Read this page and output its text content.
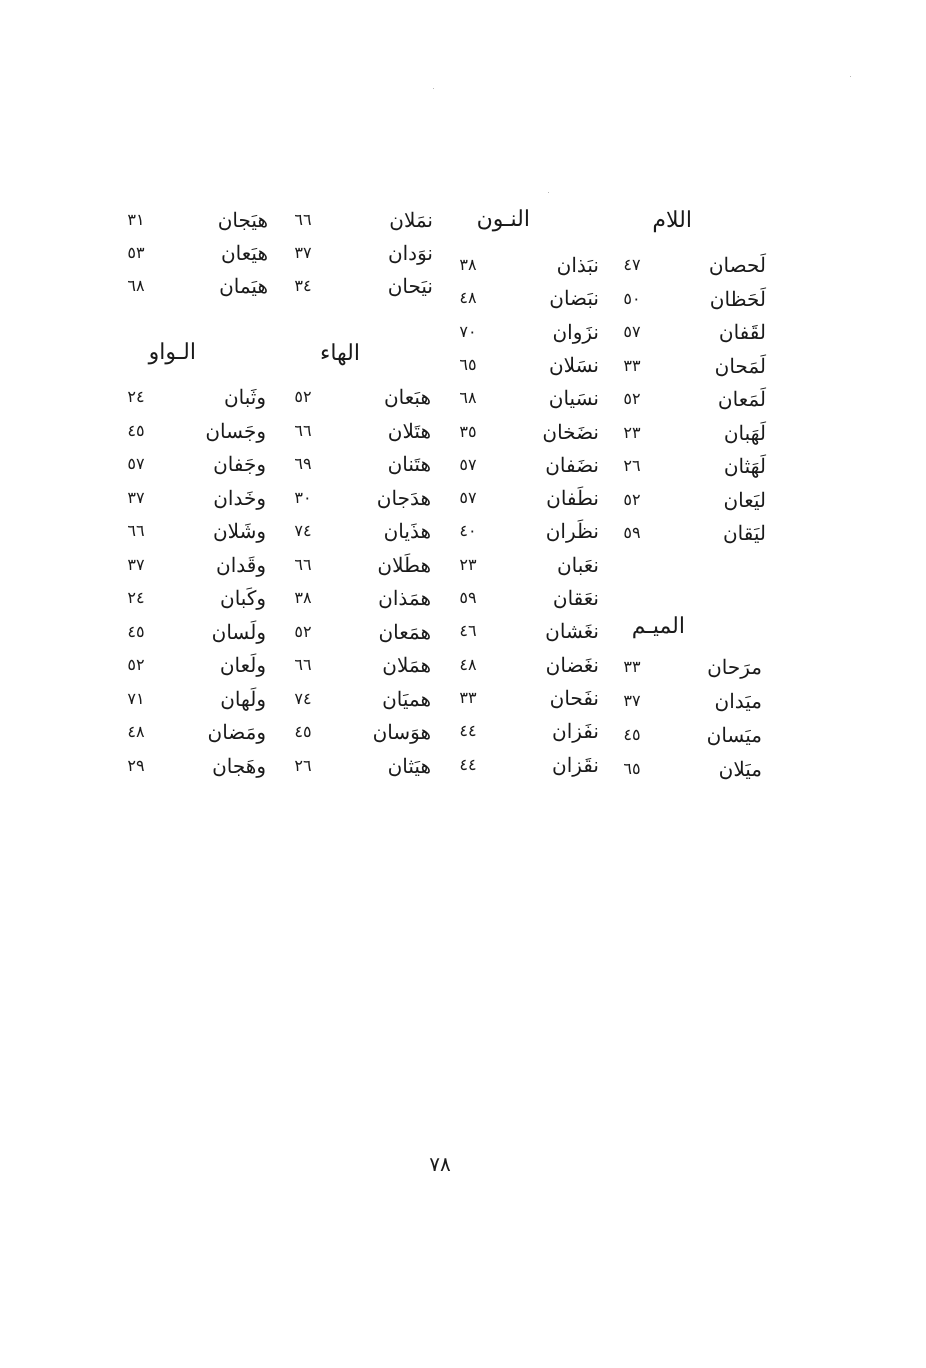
اللام
لَحصان
٤٧
لَحَظان
٥٠
لقَفان
٥٧
لَمَحان
٣٣
لَمَعان
٥٢
لَهَبان
٢٣
لَهَثان
٢٦
ليَعان
٥٢
ليَقان
٥٩
الميـم
مرَحان
٣٣
ميَدان
٣٧
ميَسان
٤٥
ميَلان
٦٥
النـون
نبَذان
٣٨
نبَضان
٤٨
نزَوان
٧٠
نسَلان
٦٥
نسَيان
٦٨
نضَخان
٣٥
نضَفان
٥٧
نطَفان
٥٧
نظَران
٤٠
نعَبان
٢٣
نعَقان
٥٩
نغَشان
٤٦
نغَضان
٤٨
نفَحان
٣٣
نفَزان
٤٤
نقَزان
٤٤
نمَلان
٦٦
نوَدان
٣٧
نيَحان
٣٤
الهاء
هبَعان
٥٢
هتَلان
٦٦
هتَنان
٦٩
هدَجان
٣٠
هذَيان
٧٤
هطَلان
٦٦
همَذان
٣٨
همَعان
٥٢
همَلان
٦٦
هميَان
٧٤
هوَسان
٤٥
هيَثان
٢٦
هيَجان
٣١
هيَعان
٥٣
هيَمان
٦٨
الـواو
وثَبان
٢٤
وجَسان
٤٥
وجَفان
٥٧
وخَدان
٣٧
وشَلان
٦٦
وقَدان
٣٧
وكَبان
٢٤
ولَسان
٤٥
ولَعان
٥٢
ولَهان
٧١
ومَضان
٤٨
وهَجان
٢٩
٧٨
